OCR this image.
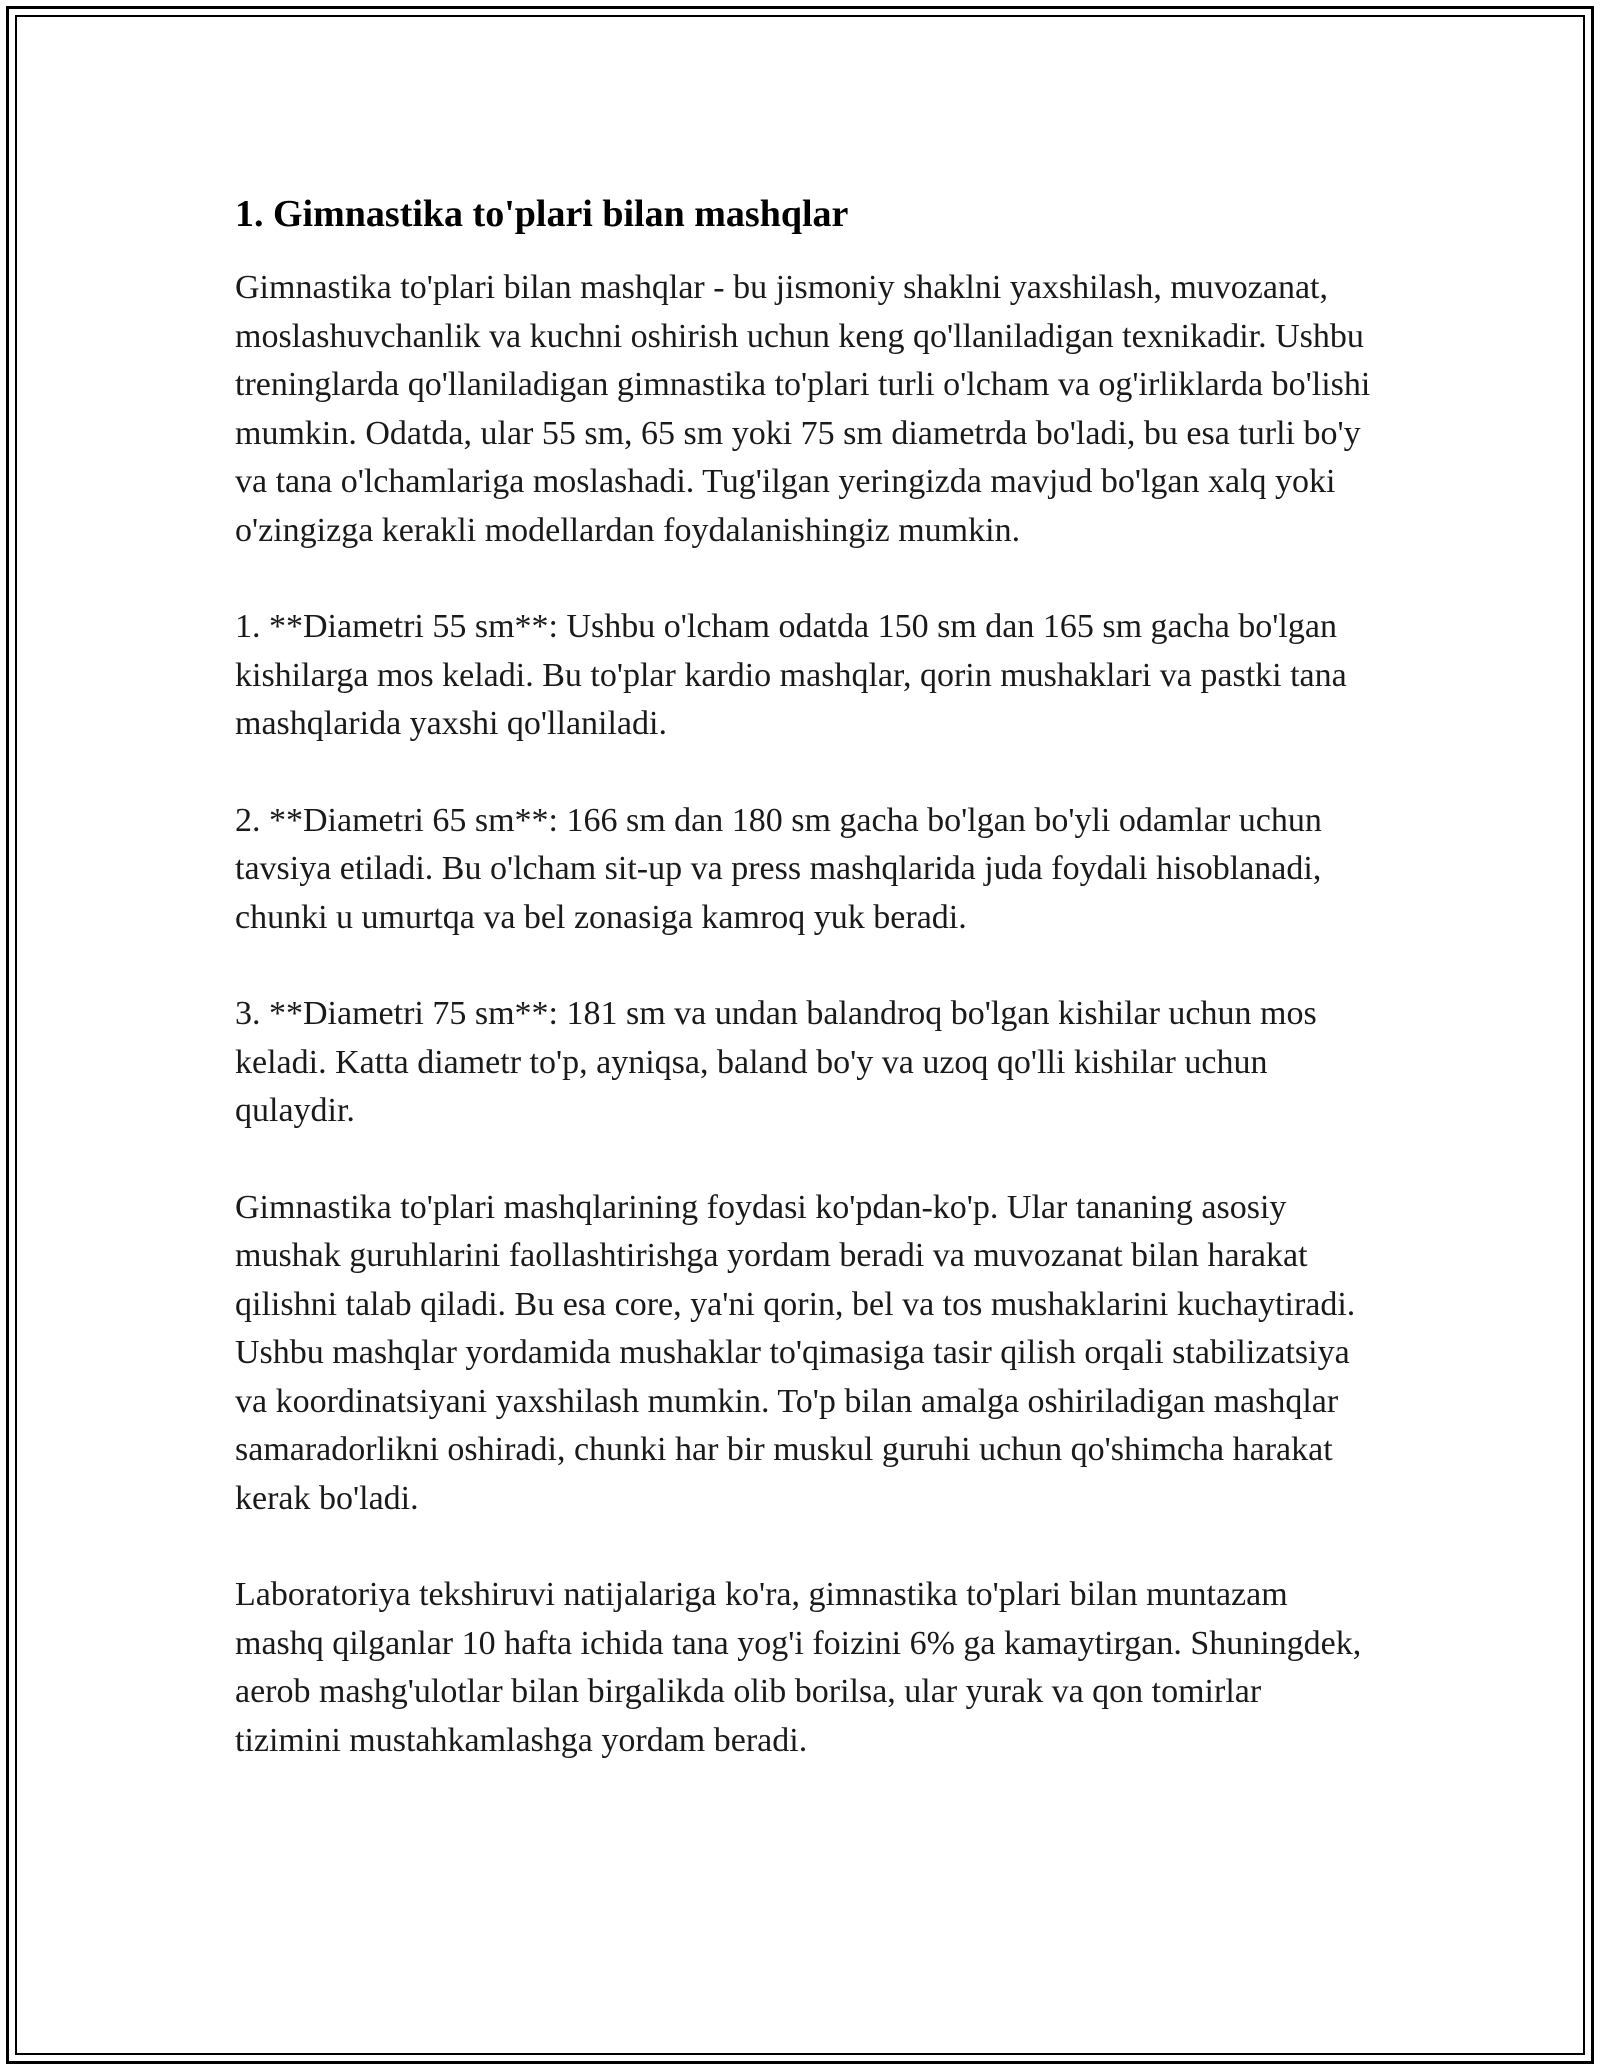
1. Gimnastika to'plari bilan mashqlar

Gimnastika to'plari bilan mashqlar - bu jismoniy shaklni yaxshilash, muvozanat, moslashuvchanlik va kuchni oshirish uchun keng qo'llaniladigan texnikadir. Ushbu treninglarda qo'llaniladigan gimnastika to'plari turli o'lcham va og'irliklarda bo'lishi mumkin. Odatda, ular 55 sm, 65 sm yoki 75 sm diametrda bo'ladi, bu esa turli bo'y va tana o'lchamlariga moslashadi. Tug'ilgan yeringizda mavjud bo'lgan xalq yoki o'zingizga kerakli modellardan foydalanishingiz mumkin.

1. **Diametri 55 sm**: Ushbu o'lcham odatda 150 sm dan 165 sm gacha bo'lgan kishilarga mos keladi. Bu to'plar kardio mashqlar, qorin mushaklari va pastki tana mashqlarida yaxshi qo'llaniladi.

2. **Diametri 65 sm**: 166 sm dan 180 sm gacha bo'lgan bo'yli odamlar uchun tavsiya etiladi. Bu o'lcham sit-up va press mashqlarida juda foydali hisoblanadi, chunki u umurtqa va bel zonasiga kamroq yuk beradi.

3. **Diametri 75 sm**: 181 sm va undan balandroq bo'lgan kishilar uchun mos keladi. Katta diametr to'p, ayniqsa, baland bo'y va uzoq qo'lli kishilar uchun qulaydir.

Gimnastika to'plari mashqlarining foydasi ko'pdan-ko'p. Ular tananing asosiy mushak guruhlarini faollashtirishga yordam beradi va muvozanat bilan harakat qilishni talab qiladi. Bu esa core, ya'ni qorin, bel va tos mushaklarini kuchaytiradi. Ushbu mashqlar yordamida mushaklar to'qimasiga tasir qilish orqali stabilizatsiya va koordinatsiyani yaxshilash mumkin. To'p bilan amalga oshiriladigan mashqlar samaradorlikni oshiradi, chunki har bir muskul guruhi uchun qo'shimcha harakat kerak bo'ladi.

Laboratoriya tekshiruvi natijalariga ko'ra, gimnastika to'plari bilan muntazam mashq qilganlar 10 hafta ichida tana yog'i foizini 6% ga kamaytirgan. Shuningdek, aerob mashg'ulotlar bilan birgalikda olib borilsa, ular yurak va qon tomirlar tizimini mustahkamlashga yordam beradi.
